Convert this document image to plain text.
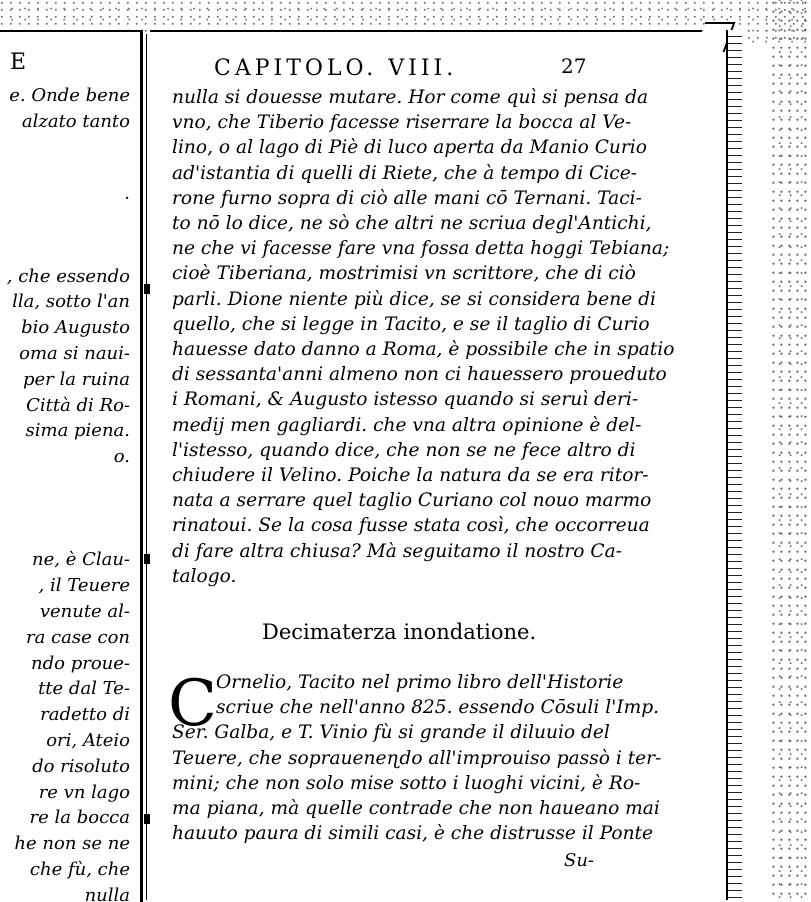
E
e. Onde bene
alzato tanto
·
, che essendo
lla, sotto l'an
bio Augusto
oma si naui-
per la ruina
Città di Ro-
sima piena.
o.
ne, è Clau-
, il Teuere
venute al-
ra case con
ndo proue-
tte dal Te-
radetto di
ori, Ateio
do risoluto
re vn lago
re la bocca
he non se ne
che fù, che
nulla
CAPITOLO. VIII.	27
nulla si douesse mutare. Hor come quì si pensa da
vno, che Tiberio facesse riserrare la bocca al Ve-
lino, o al lago di Piè di luco aperta da Manio Curio
ad'istantia di quelli di Riete, che à tempo di Cice-
rone furno sopra di ciò alle mani cō Ternani. Taci-
to nō lo dice, ne sò che altri ne scriua degl'Antichi,
ne che vi facesse fare vna fossa detta hoggi Tebiana;
cioè Tiberiana, mostrimisi vn scrittore, che di ciò
parli. Dione niente più dice, se si considera bene di
quello, che si legge in Tacito, e se il taglio di Curio
hauesse dato danno a Roma, è possibile che in spatio
di sessanta'anni almeno non ci hauessero proueduto
i Romani, & Augusto istesso quando si seruì deri-
medij men gagliardi. che vna altra opinione è del-
l'istesso, quando dice, che non se ne fece altro di
chiudere il Velino. Poiche la natura da se era ritor-
nata a serrare quel taglio Curiano col nouo marmo
rinatoui. Se la cosa fusse stata così, che occorreua
di fare altra chiusa? Mà seguitamo il nostro Ca-
talogo.
Decimaterza inondatione.
C Ornelio, Tacito nel primo libro dell'Historie
scriue che nell'anno 825. essendo Cōsuli l'Imp.
Ser. Galba, e T. Vinio fù si grande il diluuio del
Teuere, che sopraueneɳdo all'improuiso passò i ter-
mini; che non solo mise sotto i luoghi vicini, è Ro-
ma piana, mà quelle contrade che non haueano mai
hauuto paura di simili casi, è che distrusse il Ponte
Su-
